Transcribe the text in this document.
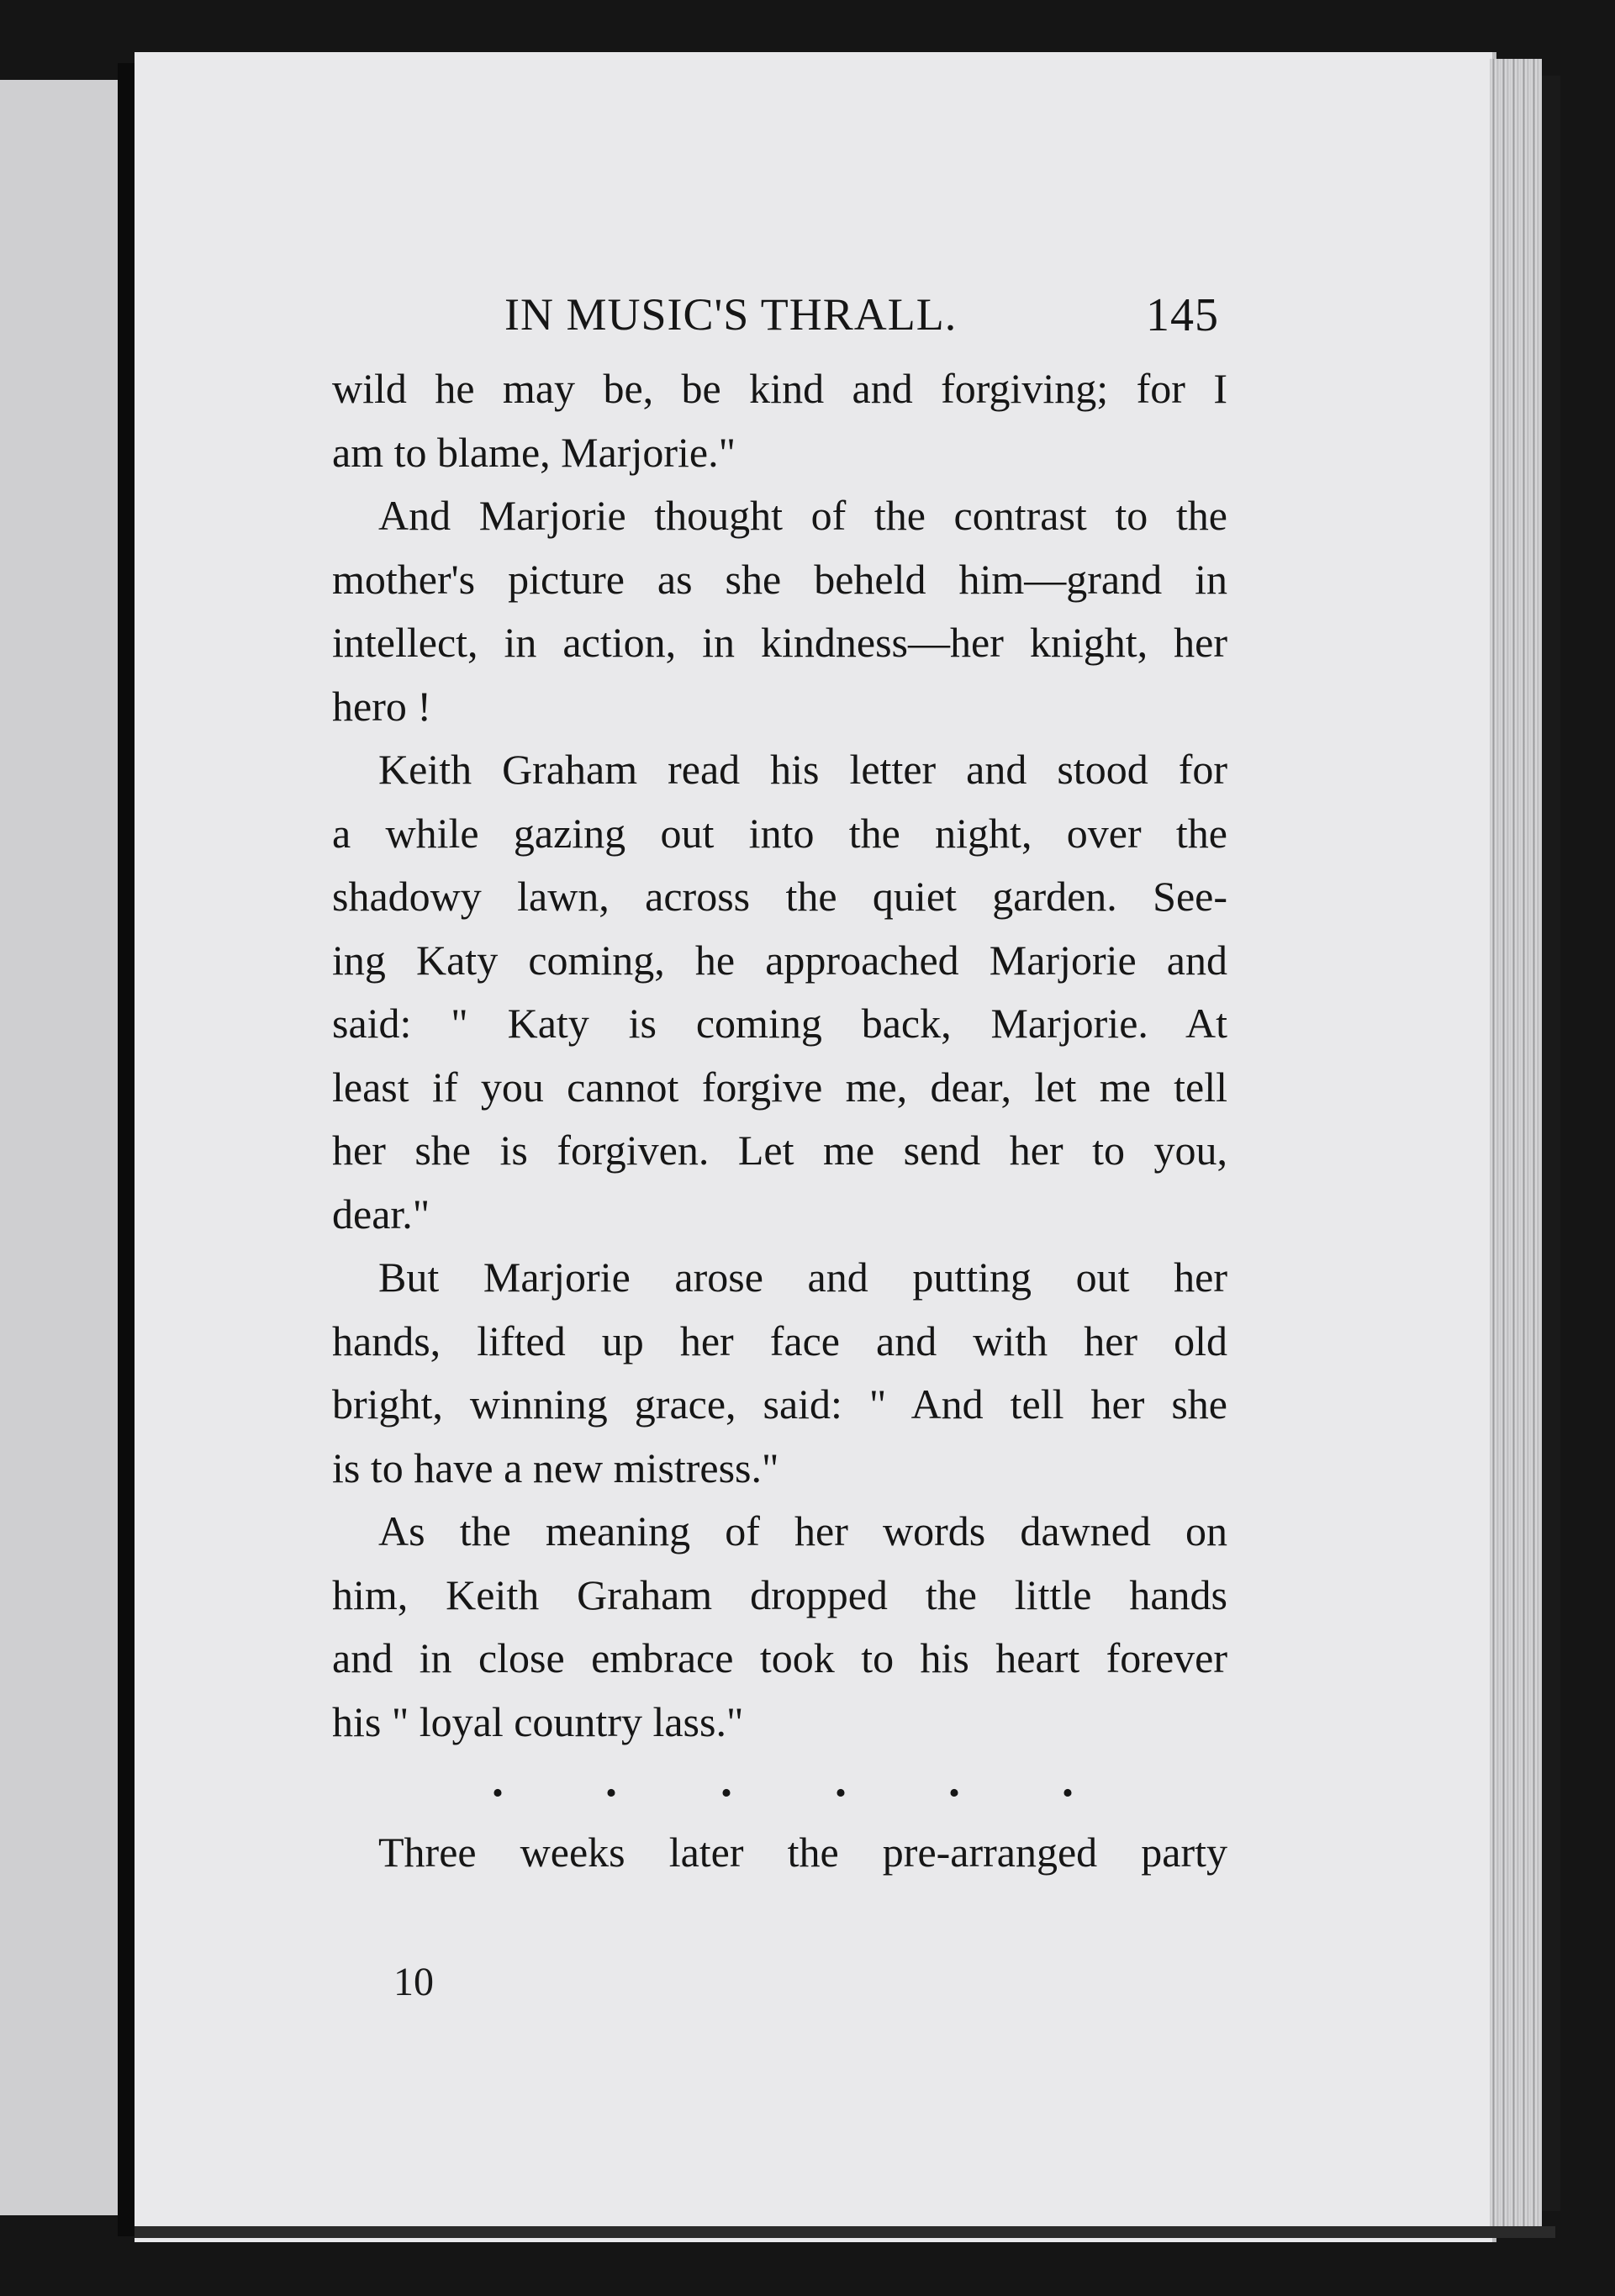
IN MUSIC'S THRALL.	145

wild he may be, be kind and forgiving; for I
am to blame, Marjorie."

And Marjorie thought of the contrast to the
mother's picture as she beheld him—grand in
intellect, in action, in kindness—her knight, her
hero !

Keith Graham read his letter and stood for
a while gazing out into the night, over the
shadowy lawn, across the quiet garden. See-
ing Katy coming, he approached Marjorie and
said: " Katy is coming back, Marjorie. At
least if you cannot forgive me, dear, let me tell
her she is forgiven. Let me send her to you,
dear."

But Marjorie arose and putting out her
hands, lifted up her face and with her old
bright, winning grace, said: " And tell her she
is to have a new mistress."

As the meaning of her words dawned on
him, Keith Graham dropped the little hands
and in close embrace took to his heart forever
his " loyal country lass."

. . . . . .

Three weeks later the pre-arranged party

10
